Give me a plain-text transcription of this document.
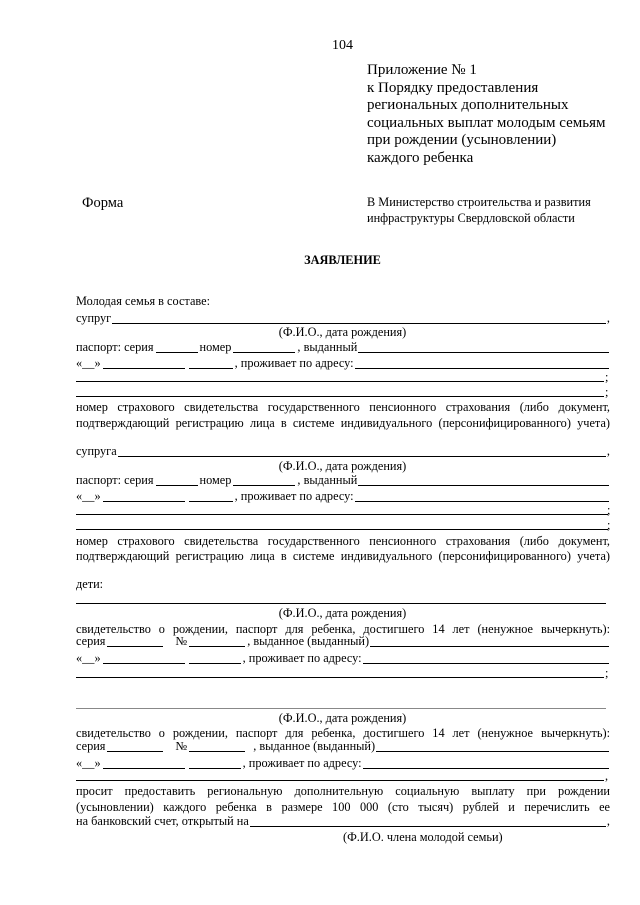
104
Приложение № 1
к Порядку предоставления
региональных дополнительных
социальных выплат молодым семьям
при рождении (усыновлении)
каждого ребенка
Форма	В Министерство строительства и развития
инфраструктуры Свердловской области
ЗАЯВЛЕНИЕ
Молодая семья в составе:
супруг	,
(Ф.И.О., дата рождения)
паспорт: серия	номер	, выданный
«__»	, проживает по адресу:
;
;
номер страхового свидетельства государственного пенсионного страхования (либо документ,
подтверждающий регистрацию лица в системе индивидуального (персонифицированного) учета)
супруга	,
(Ф.И.О., дата рождения)
паспорт: серия	номер	, выданный
«__»	, проживает по адресу:
;
;
номер страхового свидетельства государственного пенсионного страхования (либо документ,
подтверждающий регистрацию лица в системе индивидуального (персонифицированного) учета)
дети:
(Ф.И.О., дата рождения)
свидетельство о рождении, паспорт для ребенка, достигшего 14 лет (ненужное вычеркнуть):
серия	№	, выданное (выданный)
«__»	, проживает по адресу:
;
(Ф.И.О., дата рождения)
свидетельство о рождении, паспорт для ребенка, достигшего 14 лет (ненужное вычеркнуть):
серия	№	, выданное (выданный)
«__»	, проживает по адресу:
,
просит предоставить региональную дополнительную социальную выплату при рождении
(усыновлении) каждого ребенка в размере 100 000 (сто тысяч) рублей и перечислить ее
на банковский счет, открытый на	,
(Ф.И.О. члена молодой семьи)
